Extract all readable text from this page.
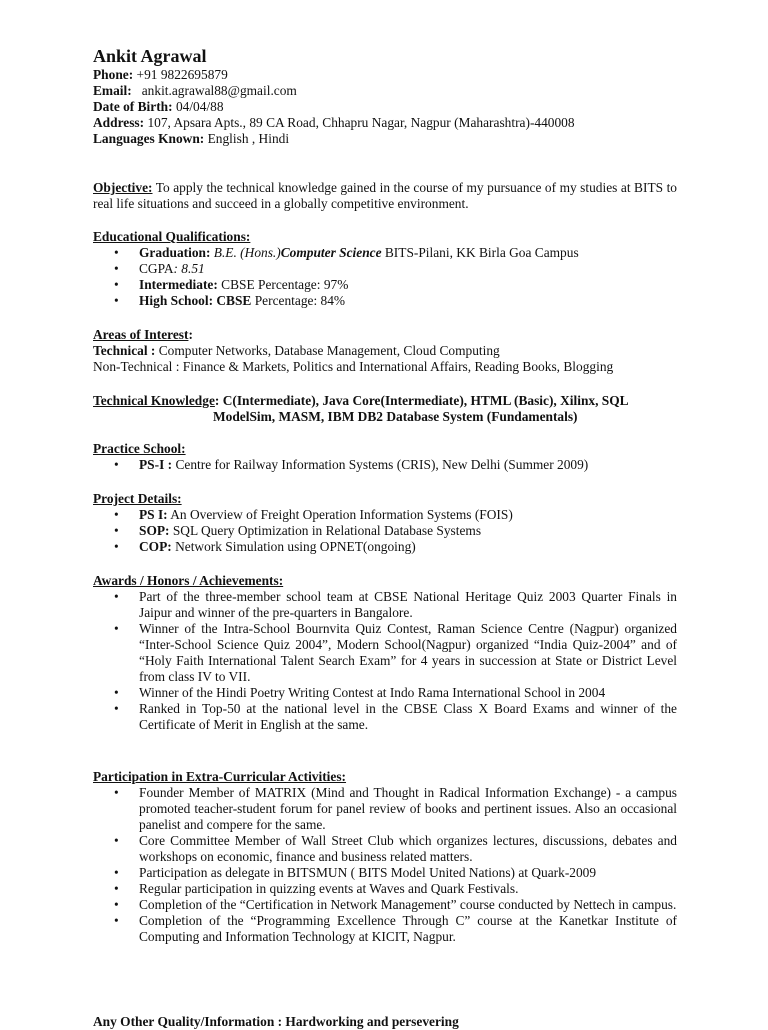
Ankit Agrawal
Phone: +91 9822695879
Email:   ankit.agrawal88@gmail.com
Date of Birth: 04/04/88
Address: 107, Apsara Apts., 89 CA Road, Chhapru Nagar, Nagpur (Maharashtra)-440008
Languages Known: English , Hindi
Objective: To apply the technical knowledge gained in the course of my pursuance of my studies at BITS to real life situations and succeed in a globally competitive environment.
Educational Qualifications:
• Graduation: B.E. (Hons.)Computer Science BITS-Pilani, KK Birla Goa Campus
• CGPA: 8.51
• Intermediate: CBSE Percentage: 97%
• High School: CBSE Percentage: 84%
Areas of Interest:
Technical : Computer Networks, Database Management, Cloud Computing
Non-Technical : Finance & Markets, Politics and International Affairs, Reading Books, Blogging
Technical Knowledge: C(Intermediate), Java Core(Intermediate), HTML (Basic), Xilinx, SQL
ModelSim, MASM, IBM DB2 Database System (Fundamentals)
Practice School:
• PS-I : Centre for Railway Information Systems (CRIS), New Delhi (Summer 2009)
Project Details:
• PS I: An Overview of Freight Operation Information Systems (FOIS)
• SOP: SQL Query Optimization in Relational Database Systems
• COP: Network Simulation using OPNET(ongoing)
Awards / Honors / Achievements:
• Part of the three-member school team at CBSE National Heritage Quiz 2003 Quarter Finals in Jaipur and winner of the pre-quarters in Bangalore.
• Winner of the Intra-School Bournvita Quiz Contest, Raman Science Centre (Nagpur) organized “Inter-School Science Quiz 2004”, Modern School(Nagpur) organized “India Quiz-2004” and of “Holy Faith International Talent Search Exam” for 4 years in succession at State or District Level from class IV to VII.
• Winner of the Hindi Poetry Writing Contest at Indo Rama International School in 2004
• Ranked in Top-50 at the national level in the CBSE Class X Board Exams and winner of the Certificate of Merit in English at the same.
Participation in Extra-Curricular Activities:
• Founder Member of MATRIX (Mind and Thought in Radical Information Exchange) - a campus promoted teacher-student forum for panel review of books and pertinent issues. Also an occasional panelist and compere for the same.
• Core Committee Member of Wall Street Club which organizes lectures, discussions, debates and workshops on economic, finance and business related matters.
• Participation as delegate in BITSMUN ( BITS Model United Nations) at Quark-2009
• Regular participation in quizzing events at Waves and Quark Festivals.
• Completion of the “Certification in Network Management” course conducted by Nettech in campus.
• Completion of the “Programming Excellence Through C” course at the Kanetkar Institute of Computing and Information Technology at KICIT, Nagpur.
Any Other Quality/Information : Hardworking and persevering
